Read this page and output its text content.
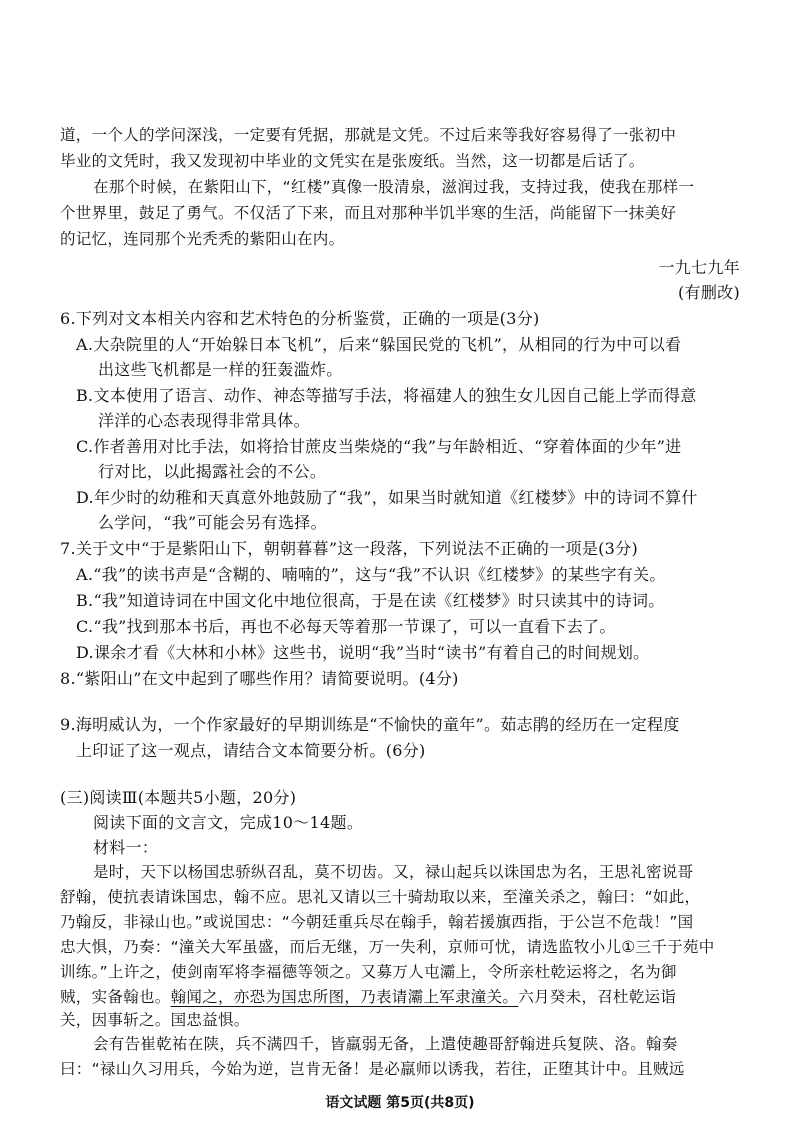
道，一个人的学问深浅，一定要有凭据，那就是文凭。不过后来等我好容易得了一张初中
毕业的文凭时，我又发现初中毕业的文凭实在是张废纸。当然，这一切都是后话了。
在那个时候，在紫阳山下，“红楼”真像一股清泉，滋润过我，支持过我，使我在那样一
个世界里，鼓足了勇气。不仅活了下来，而且对那种半饥半寒的生活，尚能留下一抹美好
的记忆，连同那个光秃秃的紫阳山在内。
一九七九年
(有删改)
6.下列对文本相关内容和艺术特色的分析鉴赏，正确的一项是(3分)
A.大杂院里的人“开始躲日本飞机”，后来“躲国民党的飞机”，从相同的行为中可以看
出这些飞机都是一样的狂轰滥炸。
B.文本使用了语言、动作、神态等描写手法，将福建人的独生女儿因自己能上学而得意
洋洋的心态表现得非常具体。
C.作者善用对比手法，如将拾甘蔗皮当柴烧的“我”与年龄相近、“穿着体面的少年”进
行对比，以此揭露社会的不公。
D.年少时的幼稚和天真意外地鼓励了“我”，如果当时就知道《红楼梦》中的诗词不算什
么学问，“我”可能会另有选择。
7.关于文中“于是紫阳山下，朝朝暮暮”这一段落，下列说法不正确的一项是(3分)
A.“我”的读书声是“含糊的、喃喃的”，这与“我”不认识《红楼梦》的某些字有关。
B.“我”知道诗词在中国文化中地位很高，于是在读《红楼梦》时只读其中的诗词。
C.“我”找到那本书后，再也不必每天等着那一节课了，可以一直看下去了。
D.课余才看《大林和小林》这些书，说明“我”当时“读书”有着自己的时间规划。
8.“紫阳山”在文中起到了哪些作用？请简要说明。(4分)
9.海明威认为，一个作家最好的早期训练是“不愉快的童年”。茹志鹃的经历在一定程度
上印证了这一观点，请结合文本简要分析。(6分)
(三)阅读Ⅲ(本题共5小题，20分)
阅读下面的文言文，完成10～14题。
材料一：
是时，天下以杨国忠骄纵召乱，莫不切齿。又，禄山起兵以诛国忠为名，王思礼密说哥
舒翰，使抗表请诛国忠，翰不应。思礼又请以三十骑劫取以来，至潼关杀之，翰曰：“如此，
乃翰反，非禄山也。”或说国忠：“今朝廷重兵尽在翰手，翰若援旗西指，于公岂不危哉！”国
忠大惧，乃奏：“潼关大军虽盛，而后无继，万一失利，京师可忧，请选监牧小儿①三千于苑中
训练。”上许之，使剑南军将李福德等领之。又募万人屯灞上，令所亲杜乾运将之，名为御
贼，实备翰也。翰闻之，亦恐为国忠所图，乃表请灞上军隶潼关。六月癸未，召杜乾运诣
关，因事斩之。国忠益惧。
会有告崔乾祐在陕，兵不满四千，皆羸弱无备，上遣使趣哥舒翰进兵复陕、洛。翰奏
曰：“禄山久习用兵，今始为逆，岂肯无备！是必羸师以诱我，若往，正堕其计中。且贼远
语文试题 第5页(共8页)
